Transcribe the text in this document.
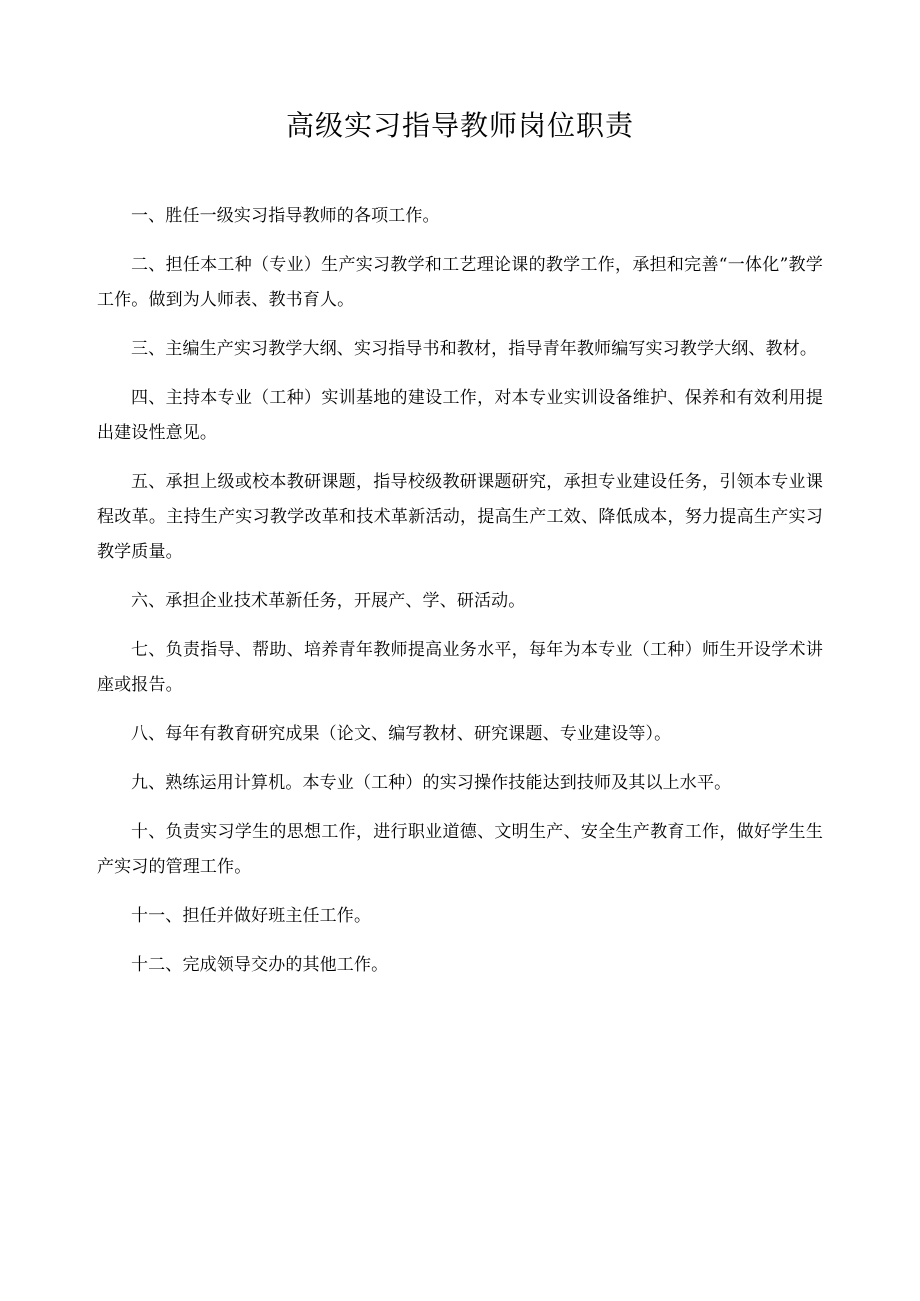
高级实习指导教师岗位职责

一、胜任一级实习指导教师的各项工作。

二、担任本工种（专业）生产实习教学和工艺理论课的教学工作，承担和完善“一体化”教学工作。做到为人师表、教书育人。

三、主编生产实习教学大纲、实习指导书和教材，指导青年教师编写实习教学大纲、教材。

四、主持本专业（工种）实训基地的建设工作，对本专业实训设备维护、保养和有效利用提出建设性意见。

五、承担上级或校本教研课题，指导校级教研课题研究，承担专业建设任务，引领本专业课程改革。主持生产实习教学改革和技术革新活动，提高生产工效、降低成本，努力提高生产实习教学质量。

六、承担企业技术革新任务，开展产、学、研活动。

七、负责指导、帮助、培养青年教师提高业务水平，每年为本专业（工种）师生开设学术讲座或报告。

八、每年有教育研究成果（论文、编写教材、研究课题、专业建设等）。

九、熟练运用计算机。本专业（工种）的实习操作技能达到技师及其以上水平。

十、负责实习学生的思想工作，进行职业道德、文明生产、安全生产教育工作，做好学生生产实习的管理工作。

十一、担任并做好班主任工作。

十二、完成领导交办的其他工作。
